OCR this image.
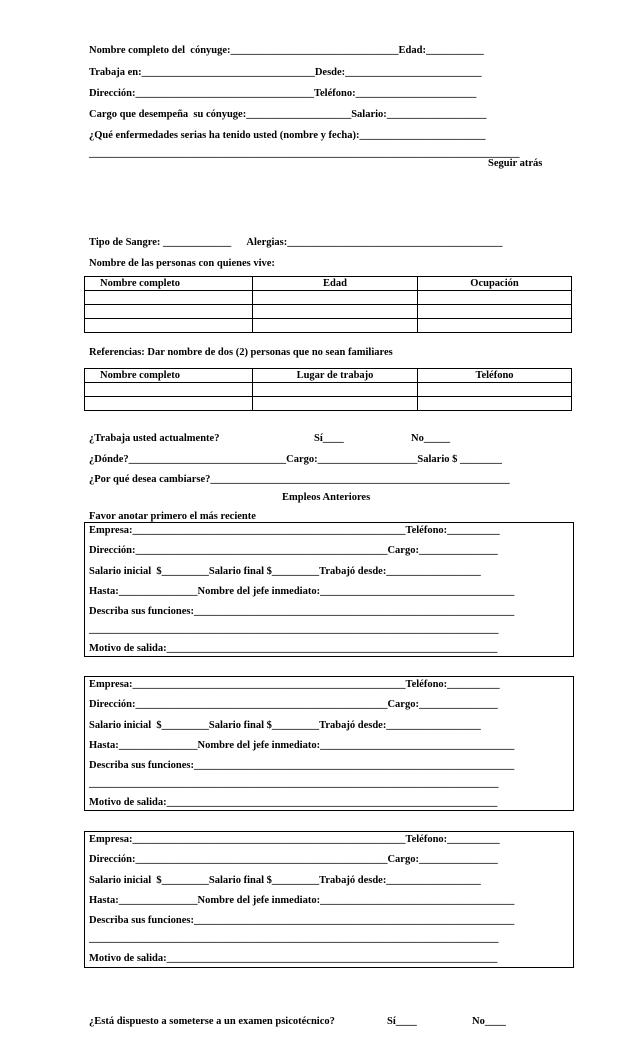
Nombre completo del  cónyuge:________________________________Edad:___________
Trabaja en:_________________________________Desde:__________________________
Dirección:__________________________________Teléfono:_______________________
Cargo que desempeña  su cónyuge:____________________Salario:___________________
¿Qué enfermedades serias ha tenido usted (nombre y fecha):________________________
__________________________________________________________________________________
Seguir atrás
Tipo de Sangre: _____________      Alergias:_________________________________________
Nombre de las personas con quienes vive:
Nombre completo	Edad	Ocupación

Referencias: Dar nombre de dos (2) personas que no sean familiares
Nombre completo	Lugar de trabajo	Teléfono

¿Trabaja usted actualmente?	Sí____	No_____
¿Dónde?______________________________Cargo:___________________Salario $ ________
¿Por qué desea cambiarse?_________________________________________________________
Empleos Anteriores
Favor anotar primero el más reciente
Empresa:____________________________________________________Teléfono:__________
Dirección:________________________________________________Cargo:_______________
Salario inicial  $_________Salario final $_________Trabajó desde:__________________
Hasta:_______________Nombre del jefe inmediato:_____________________________________
Describa sus funciones:_____________________________________________________________
______________________________________________________________________________
Motivo de salida:_______________________________________________________________
Empresa:____________________________________________________Teléfono:__________
Dirección:________________________________________________Cargo:_______________
Salario inicial  $_________Salario final $_________Trabajó desde:__________________
Hasta:_______________Nombre del jefe inmediato:_____________________________________
Describa sus funciones:_____________________________________________________________
______________________________________________________________________________
Motivo de salida:_______________________________________________________________
Empresa:____________________________________________________Teléfono:__________
Dirección:________________________________________________Cargo:_______________
Salario inicial  $_________Salario final $_________Trabajó desde:__________________
Hasta:_______________Nombre del jefe inmediato:_____________________________________
Describa sus funciones:_____________________________________________________________
______________________________________________________________________________
Motivo de salida:_______________________________________________________________
¿Está dispuesto a someterse a un examen psicotécnico?	Sí____	No____
